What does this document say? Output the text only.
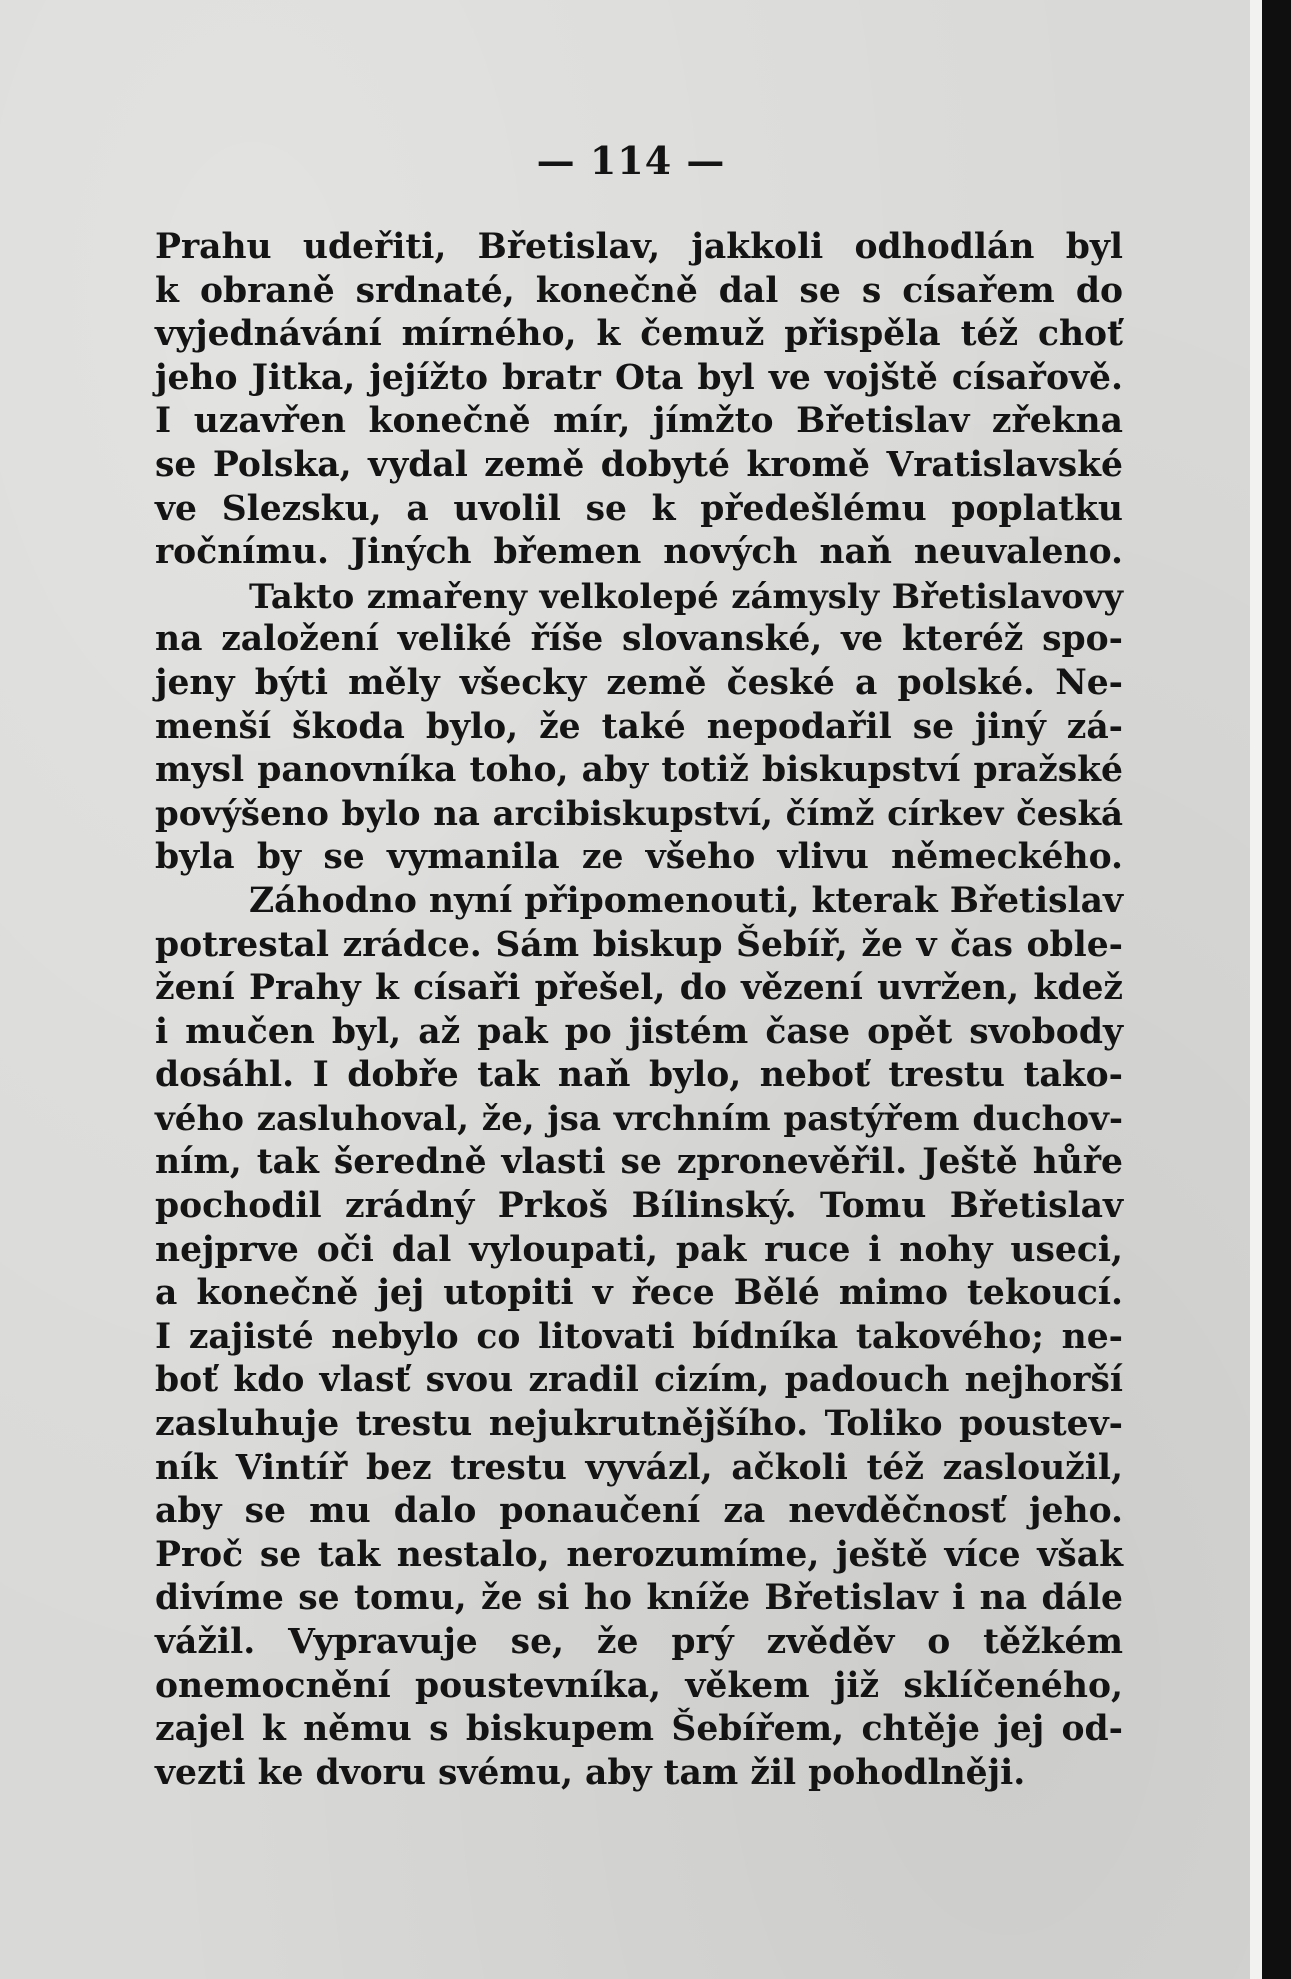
— 114 —
Prahu udeřiti, Břetislav, jakkoli odhodlán byl
k obraně srdnaté, konečně dal se s císařem do
vyjednávání mírného, k čemuž přispěla též choť
jeho Jitka, jejížto bratr Ota byl ve vojště císařově.
I uzavřen konečně mír, jímžto Břetislav zřekna
se Polska, vydal země dobyté kromě Vratislavské
ve Slezsku, a uvolil se k předešlému poplatku
ročnímu. Jiných břemen nových naň neuvaleno.
Takto zmařeny velkolepé zámysly Břetislavovy
na založení veliké říše slovanské, ve kteréž spo-
jeny býti měly všecky země české a polské. Ne-
menší škoda bylo, že také nepodařil se jiný zá-
mysl panovníka toho, aby totiž biskupství pražské
povýšeno bylo na arcibiskupství, čímž církev česká
byla by se vymanila ze všeho vlivu německého.
Záhodno nyní připomenouti, kterak Břetislav
potrestal zrádce. Sám biskup Šebíř, že v čas oble-
žení Prahy k císaři přešel, do vězení uvržen, kdež
i mučen byl, až pak po jistém čase opět svobody
dosáhl. I dobře tak naň bylo, neboť trestu tako-
vého zasluhoval, že, jsa vrchním pastýřem duchov-
ním, tak šeredně vlasti se zpronevěřil. Ještě hůře
pochodil zrádný Prkoš Bílinský. Tomu Břetislav
nejprve oči dal vyloupati, pak ruce i nohy useci,
a konečně jej utopiti v řece Bělé mimo tekoucí.
I zajisté nebylo co litovati bídníka takového; ne-
boť kdo vlasť svou zradil cizím, padouch nejhorší
zasluhuje trestu nejukrutnějšího. Toliko poustev-
ník Vintíř bez trestu vyvázl, ačkoli též zasloužil,
aby se mu dalo ponaučení za nevděčnosť jeho.
Proč se tak nestalo, nerozumíme, ještě více však
divíme se tomu, že si ho kníže Břetislav i na dále
vážil. Vypravuje se, že prý zvěděv o těžkém
onemocnění poustevníka, věkem již sklíčeného,
zajel k němu s biskupem Šebířem, chtěje jej od-
vezti ke dvoru svému, aby tam žil pohodlněji.
